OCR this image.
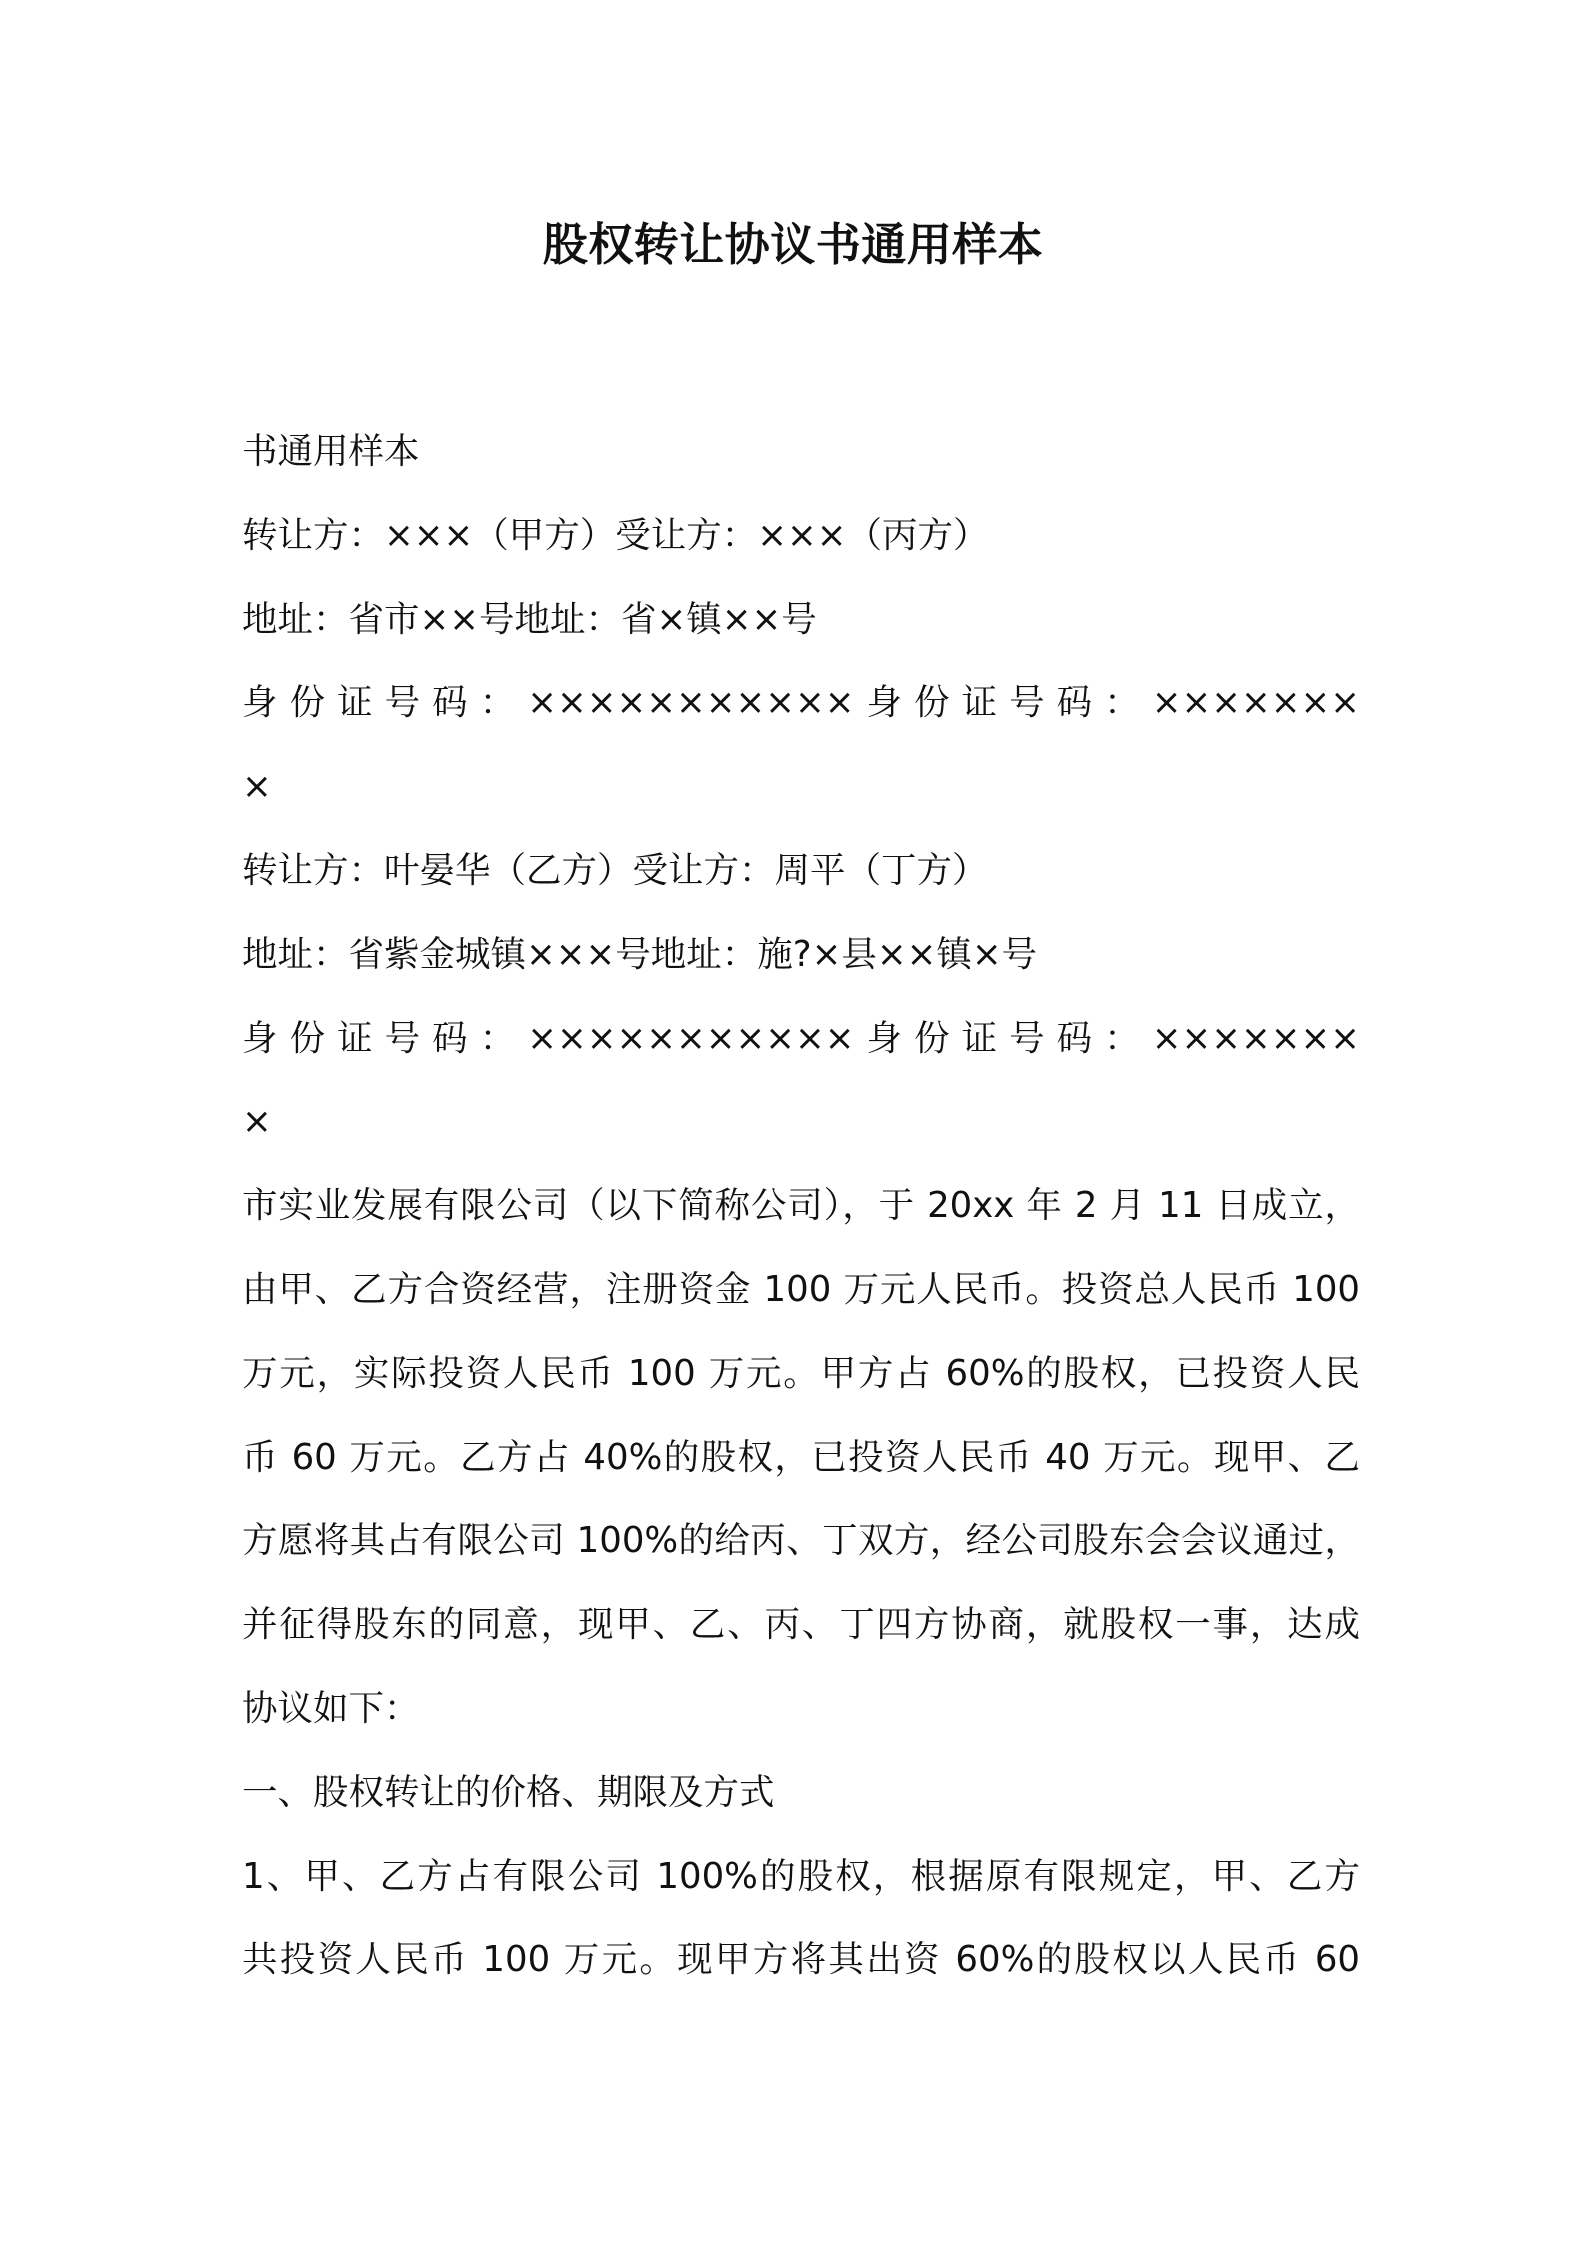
股权转让协议书通用样本
书通用样本
转让方：×××（甲方）受让方：×××（丙方）
地址：省市××号地址：省×镇××号
身份证号码：×××××××××××身份证号码：×××××××
×
转让方：叶晏华（乙方）受让方：周平（丁方）
地址：省紫金城镇×××号地址：施?×县××镇×号
身份证号码：×××××××××××身份证号码：×××××××
×
市实业发展有限公司（以下简称公司），于 20xx 年 2 月 11 日成立，
由甲、乙方合资经营，注册资金 100 万元人民币。投资总人民币 100
万元，实际投资人民币 100 万元。甲方占 60%的股权，已投资人民
币 60 万元。乙方占 40%的股权，已投资人民币 40 万元。现甲、乙
方愿将其占有限公司 100%的给丙、丁双方，经公司股东会会议通过，
并征得股东的同意，现甲、乙、丙、丁四方协商，就股权一事，达成
协议如下：
一、股权转让的价格、期限及方式
1、甲、乙方占有限公司 100%的股权，根据原有限规定，甲、乙方
共投资人民币 100 万元。现甲方将其出资 60%的股权以人民币 60
